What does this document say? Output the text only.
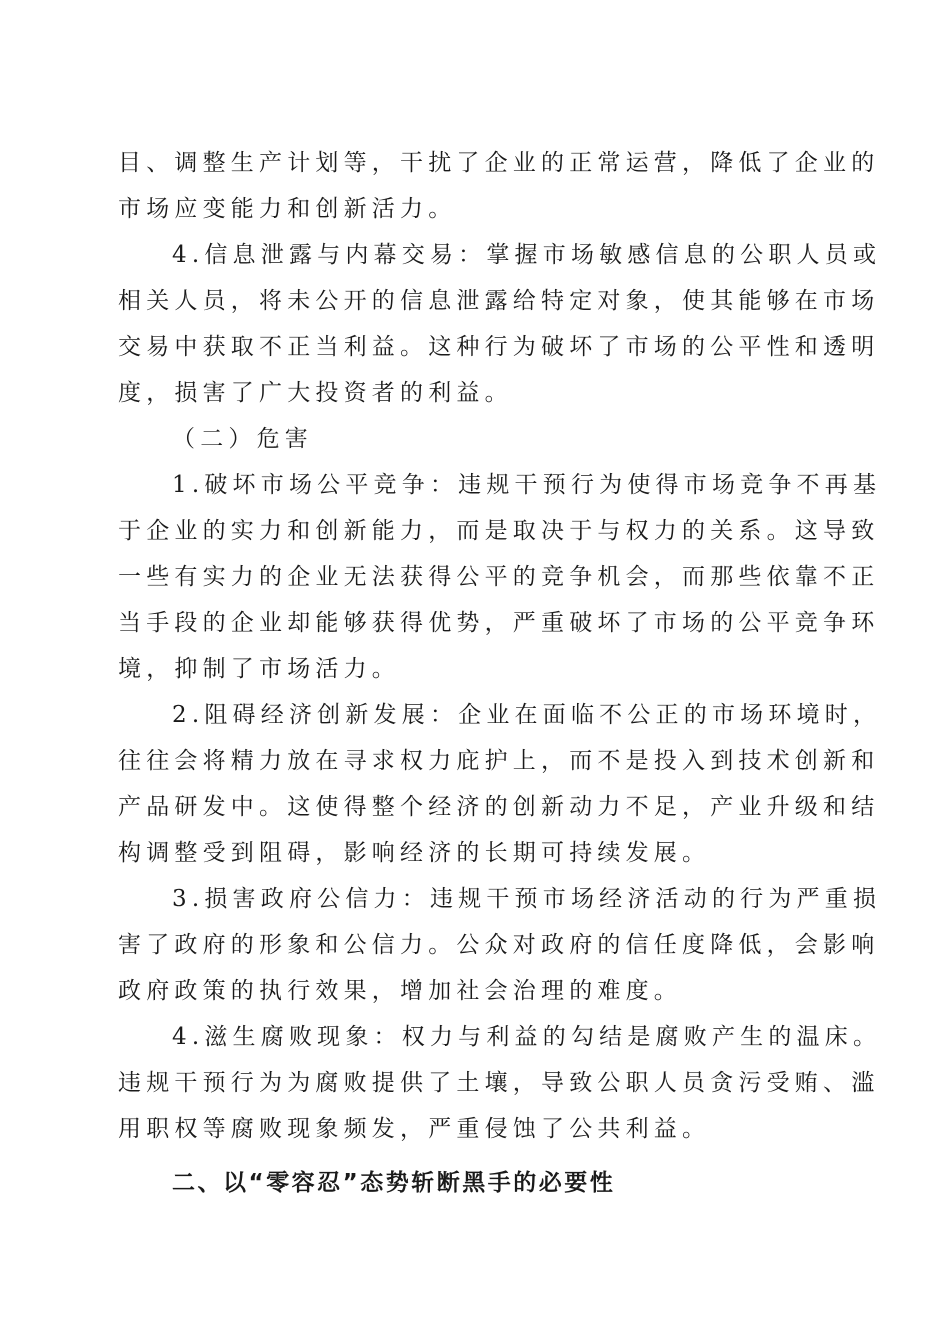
目、调整生产计划等，干扰了企业的正常运营，降低了企业的
市场应变能力和创新活力。
4.信息泄露与内幕交易：掌握市场敏感信息的公职人员或
相关人员，将未公开的信息泄露给特定对象，使其能够在市场
交易中获取不正当利益。这种行为破坏了市场的公平性和透明
度，损害了广大投资者的利益。
（二）危害
1.破坏市场公平竞争：违规干预行为使得市场竞争不再基
于企业的实力和创新能力，而是取决于与权力的关系。这导致
一些有实力的企业无法获得公平的竞争机会，而那些依靠不正
当手段的企业却能够获得优势，严重破坏了市场的公平竞争环
境，抑制了市场活力。
2.阻碍经济创新发展：企业在面临不公正的市场环境时，
往往会将精力放在寻求权力庇护上，而不是投入到技术创新和
产品研发中。这使得整个经济的创新动力不足，产业升级和结
构调整受到阻碍，影响经济的长期可持续发展。
3.损害政府公信力：违规干预市场经济活动的行为严重损
害了政府的形象和公信力。公众对政府的信任度降低，会影响
政府政策的执行效果，增加社会治理的难度。
4.滋生腐败现象：权力与利益的勾结是腐败产生的温床。
违规干预行为为腐败提供了土壤，导致公职人员贪污受贿、滥
用职权等腐败现象频发，严重侵蚀了公共利益。
二、以“零容忍”态势斩断黑手的必要性
